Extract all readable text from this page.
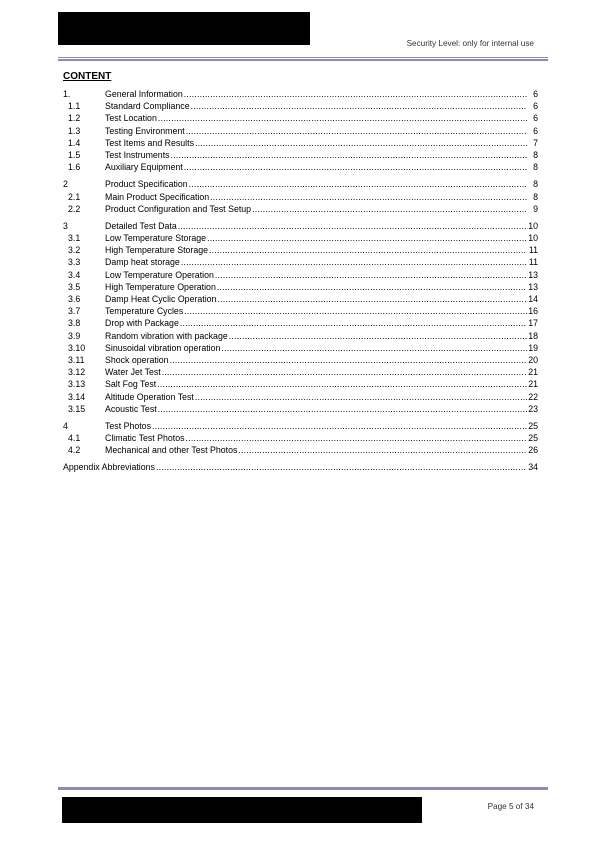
Security Level: only for internal use
CONTENT
1.	General Information .....	6
1.1	Standard Compliance .....	6
1.2	Test Location .....	6
1.3	Testing Environment .....	6
1.4	Test Items and Results .....	7
1.5	Test Instruments .....	8
1.6	Auxiliary Equipment .....	8
2	Product Specification .....	8
2.1	Main Product Specification .....	8
2.2	Product Configuration and Test Setup .....	9
3	Detailed Test Data .....	10
3.1	Low Temperature Storage .....	10
3.2	High Temperature Storage .....	11
3.3	Damp heat storage .....	11
3.4	Low Temperature Operation .....	13
3.5	High Temperature Operation .....	13
3.6	Damp Heat Cyclic Operation .....	14
3.7	Temperature Cycles .....	16
3.8	Drop with Package .....	17
3.9	Random vibration with package .....	18
3.10	Sinusoidal vibration operation .....	19
3.11	Shock operation .....	20
3.12	Water Jet Test .....	21
3.13	Salt Fog Test .....	21
3.14	Altitude Operation Test .....	22
3.15	Acoustic Test .....	23
4	Test Photos .....	25
4.1	Climatic Test Photos .....	25
4.2	Mechanical and other Test Photos .....	26
Appendix Abbreviations .....	34
Page 5 of 34
